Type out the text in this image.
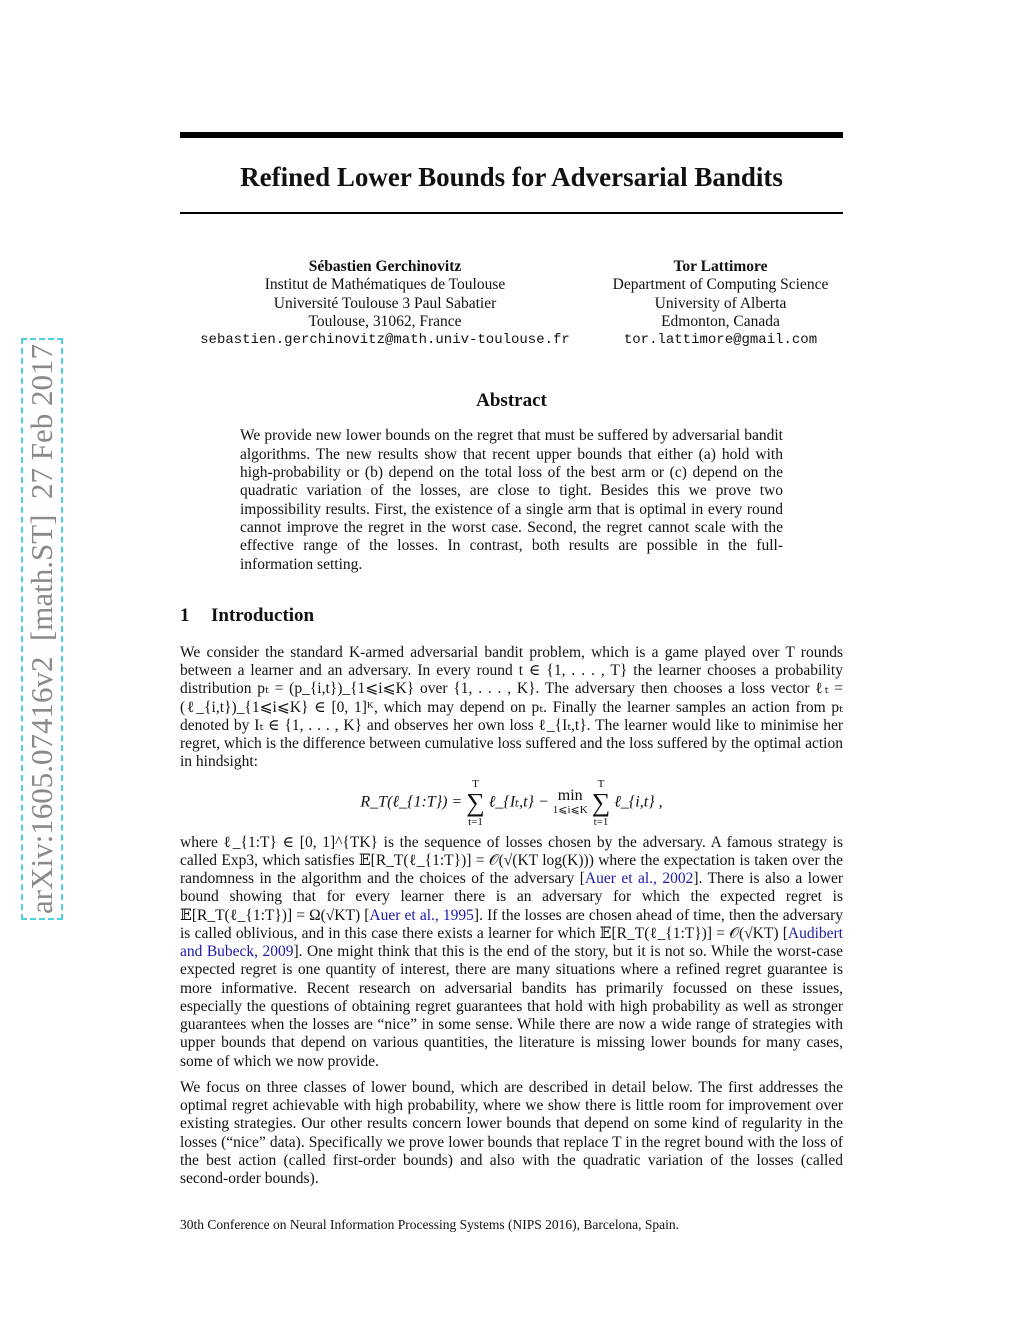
arXiv:1605.07416v2  [math.ST]  27 Feb 2017
Refined Lower Bounds for Adversarial Bandits
Sébastien Gerchinovitz
Institut de Mathématiques de Toulouse
Université Toulouse 3 Paul Sabatier
Toulouse, 31062, France
sebastien.gerchinovitz@math.univ-toulouse.fr
Tor Lattimore
Department of Computing Science
University of Alberta
Edmonton, Canada
tor.lattimore@gmail.com
Abstract
We provide new lower bounds on the regret that must be suffered by adversarial bandit algorithms. The new results show that recent upper bounds that either (a) hold with high-probability or (b) depend on the total loss of the best arm or (c) depend on the quadratic variation of the losses, are close to tight. Besides this we prove two impossibility results. First, the existence of a single arm that is optimal in every round cannot improve the regret in the worst case. Second, the regret cannot scale with the effective range of the losses. In contrast, both results are possible in the full-information setting.
1 Introduction
We consider the standard K-armed adversarial bandit problem, which is a game played over T rounds between a learner and an adversary. In every round t ∈ {1, . . . , T} the learner chooses a probability distribution pₜ = (p_{i,t})_{1⩽i⩽K} over {1, . . . , K}. The adversary then chooses a loss vector ℓₜ = (ℓ_{i,t})_{1⩽i⩽K} ∈ [0, 1]ᴷ, which may depend on pₜ. Finally the learner samples an action from pₜ denoted by Iₜ ∈ {1, . . . , K} and observes her own loss ℓ_{Iₜ,t}. The learner would like to minimise her regret, which is the difference between cumulative loss suffered and the loss suffered by the optimal action in hindsight:
R_T(ℓ_{1:T}) =
T
∑
t=1
ℓ_{Iₜ,t} − min
1⩽i⩽K

T
∑
t=1
ℓ_{i,t} ,
where ℓ_{1:T} ∈ [0, 1]^{TK} is the sequence of losses chosen by the adversary. A famous strategy is called Exp3, which satisfies 𝔼[R_T(ℓ_{1:T})] = 𝒪(√(KT log(K))) where the expectation is taken over the randomness in the algorithm and the choices of the adversary [Auer et al., 2002]. There is also a lower bound showing that for every learner there is an adversary for which the expected regret is 𝔼[R_T(ℓ_{1:T})] = Ω(√KT) [Auer et al., 1995]. If the losses are chosen ahead of time, then the adversary is called oblivious, and in this case there exists a learner for which 𝔼[R_T(ℓ_{1:T})] = 𝒪(√KT) [Audibert and Bubeck, 2009]. One might think that this is the end of the story, but it is not so. While the worst-case expected regret is one quantity of interest, there are many situations where a refined regret guarantee is more informative. Recent research on adversarial bandits has primarily focussed on these issues, especially the questions of obtaining regret guarantees that hold with high probability as well as stronger guarantees when the losses are “nice” in some sense. While there are now a wide range of strategies with upper bounds that depend on various quantities, the literature is missing lower bounds for many cases, some of which we now provide.
We focus on three classes of lower bound, which are described in detail below. The first addresses the optimal regret achievable with high probability, where we show there is little room for improvement over existing strategies. Our other results concern lower bounds that depend on some kind of regularity in the losses (“nice” data). Specifically we prove lower bounds that replace T in the regret bound with the loss of the best action (called first-order bounds) and also with the quadratic variation of the losses (called second-order bounds).
30th Conference on Neural Information Processing Systems (NIPS 2016), Barcelona, Spain.
